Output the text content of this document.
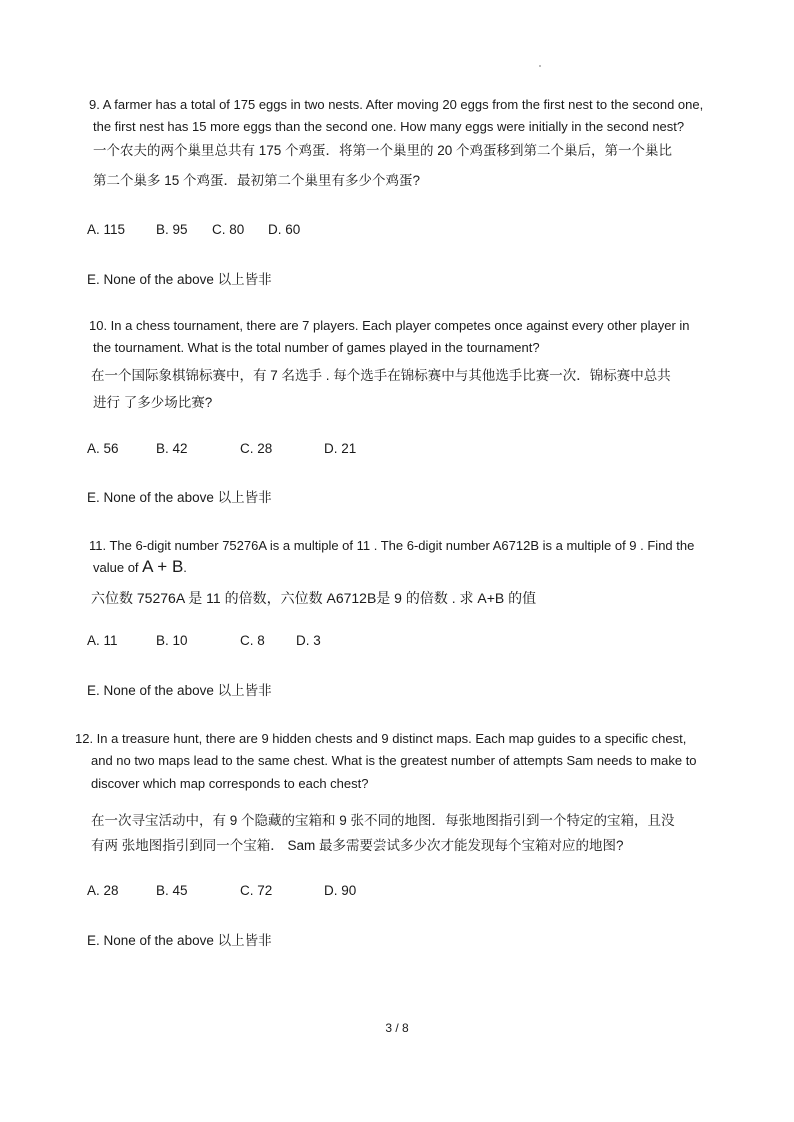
9. A farmer has a total of 175 eggs in two nests. After moving 20 eggs from the first nest to the second one,
the first nest has 15 more eggs than the second one. How many eggs were initially in the second nest?
一个农夫的两个巢里总共有 175 个鸡蛋．将第一个巢里的 20 个鸡蛋移到第二个巢后，第一个巢比
第二个巢多 15 个鸡蛋．最初第二个巢里有多少个鸡蛋?
A. 115 B. 95 C. 80 D. 60
E. None of the above 以上皆非
10. In a chess tournament, there are 7 players. Each player competes once against every other player in
the tournament. What is the total number of games played in the tournament?
在一个国际象棋锦标赛中，有 7 名选手 . 每个选手在锦标赛中与其他选手比赛一次．锦标赛中总共
进行 了多少场比赛?
A. 56	B. 42	C. 28	D. 21
E. None of the above 以上皆非
11. The 6-digit number 75276A is a multiple of 11 . The 6-digit number A6712B is a multiple of 9 . Find the
value of A + B.
六位数 75276A 是 11 的倍数，六位数 A6712B是 9 的倍数 . 求 A+B 的值
A. 11	B. 10	C. 8 D. 3
E. None of the above 以上皆非
12. In a treasure hunt, there are 9 hidden chests and 9 distinct maps. Each map guides to a specific chest,
and no two maps lead to the same chest. What is the greatest number of attempts Sam needs to make to
discover which map corresponds to each chest?
在一次寻宝活动中，有 9 个隐藏的宝箱和 9 张不同的地图．每张地图指引到一个特定的宝箱，且没
有两 张地图指引到同一个宝箱． Sam 最多需要尝试多少次才能发现每个宝箱对应的地图?
A. 28	B. 45	C. 72	D. 90
E. None of the above 以上皆非
3 / 8
